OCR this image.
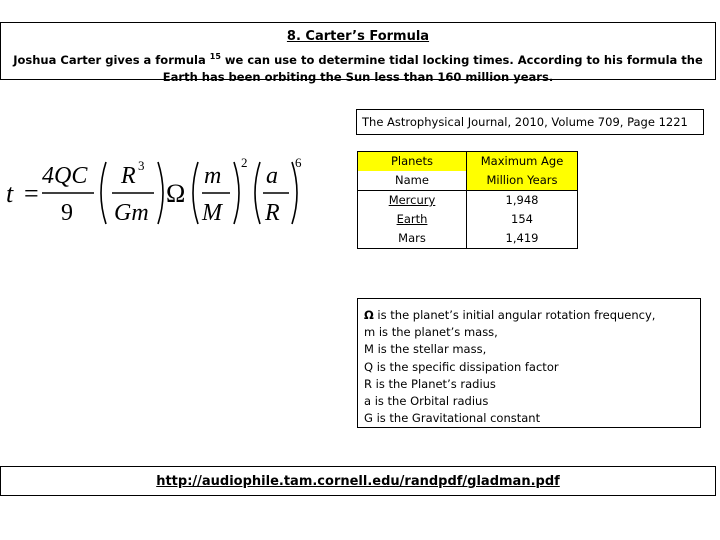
8. Carter’s Formula
Joshua Carter gives a formula $^{15}$ we can use to determine tidal locking times. According to his formula the Earth has been orbiting the Sun less than 160 million years.
The Astrophysical Journal, 2010, Volume 709, Page 1221
t =
4QC
9
R 3
Gm
Ω
m
M
2
a
R
6	Planets	Maximum Age
Name	Million Years
Mercury	1,948
Earth	154
Mars	1,419
Ω is the planet’s initial angular rotation frequency,
m is the planet’s mass,
M is the stellar mass,
Q is the specific dissipation factor
R is the Planet’s radius
a is the Orbital radius
G is the Gravitational constant
http://audiophile.tam.cornell.edu/randpdf/gladman.pdf
